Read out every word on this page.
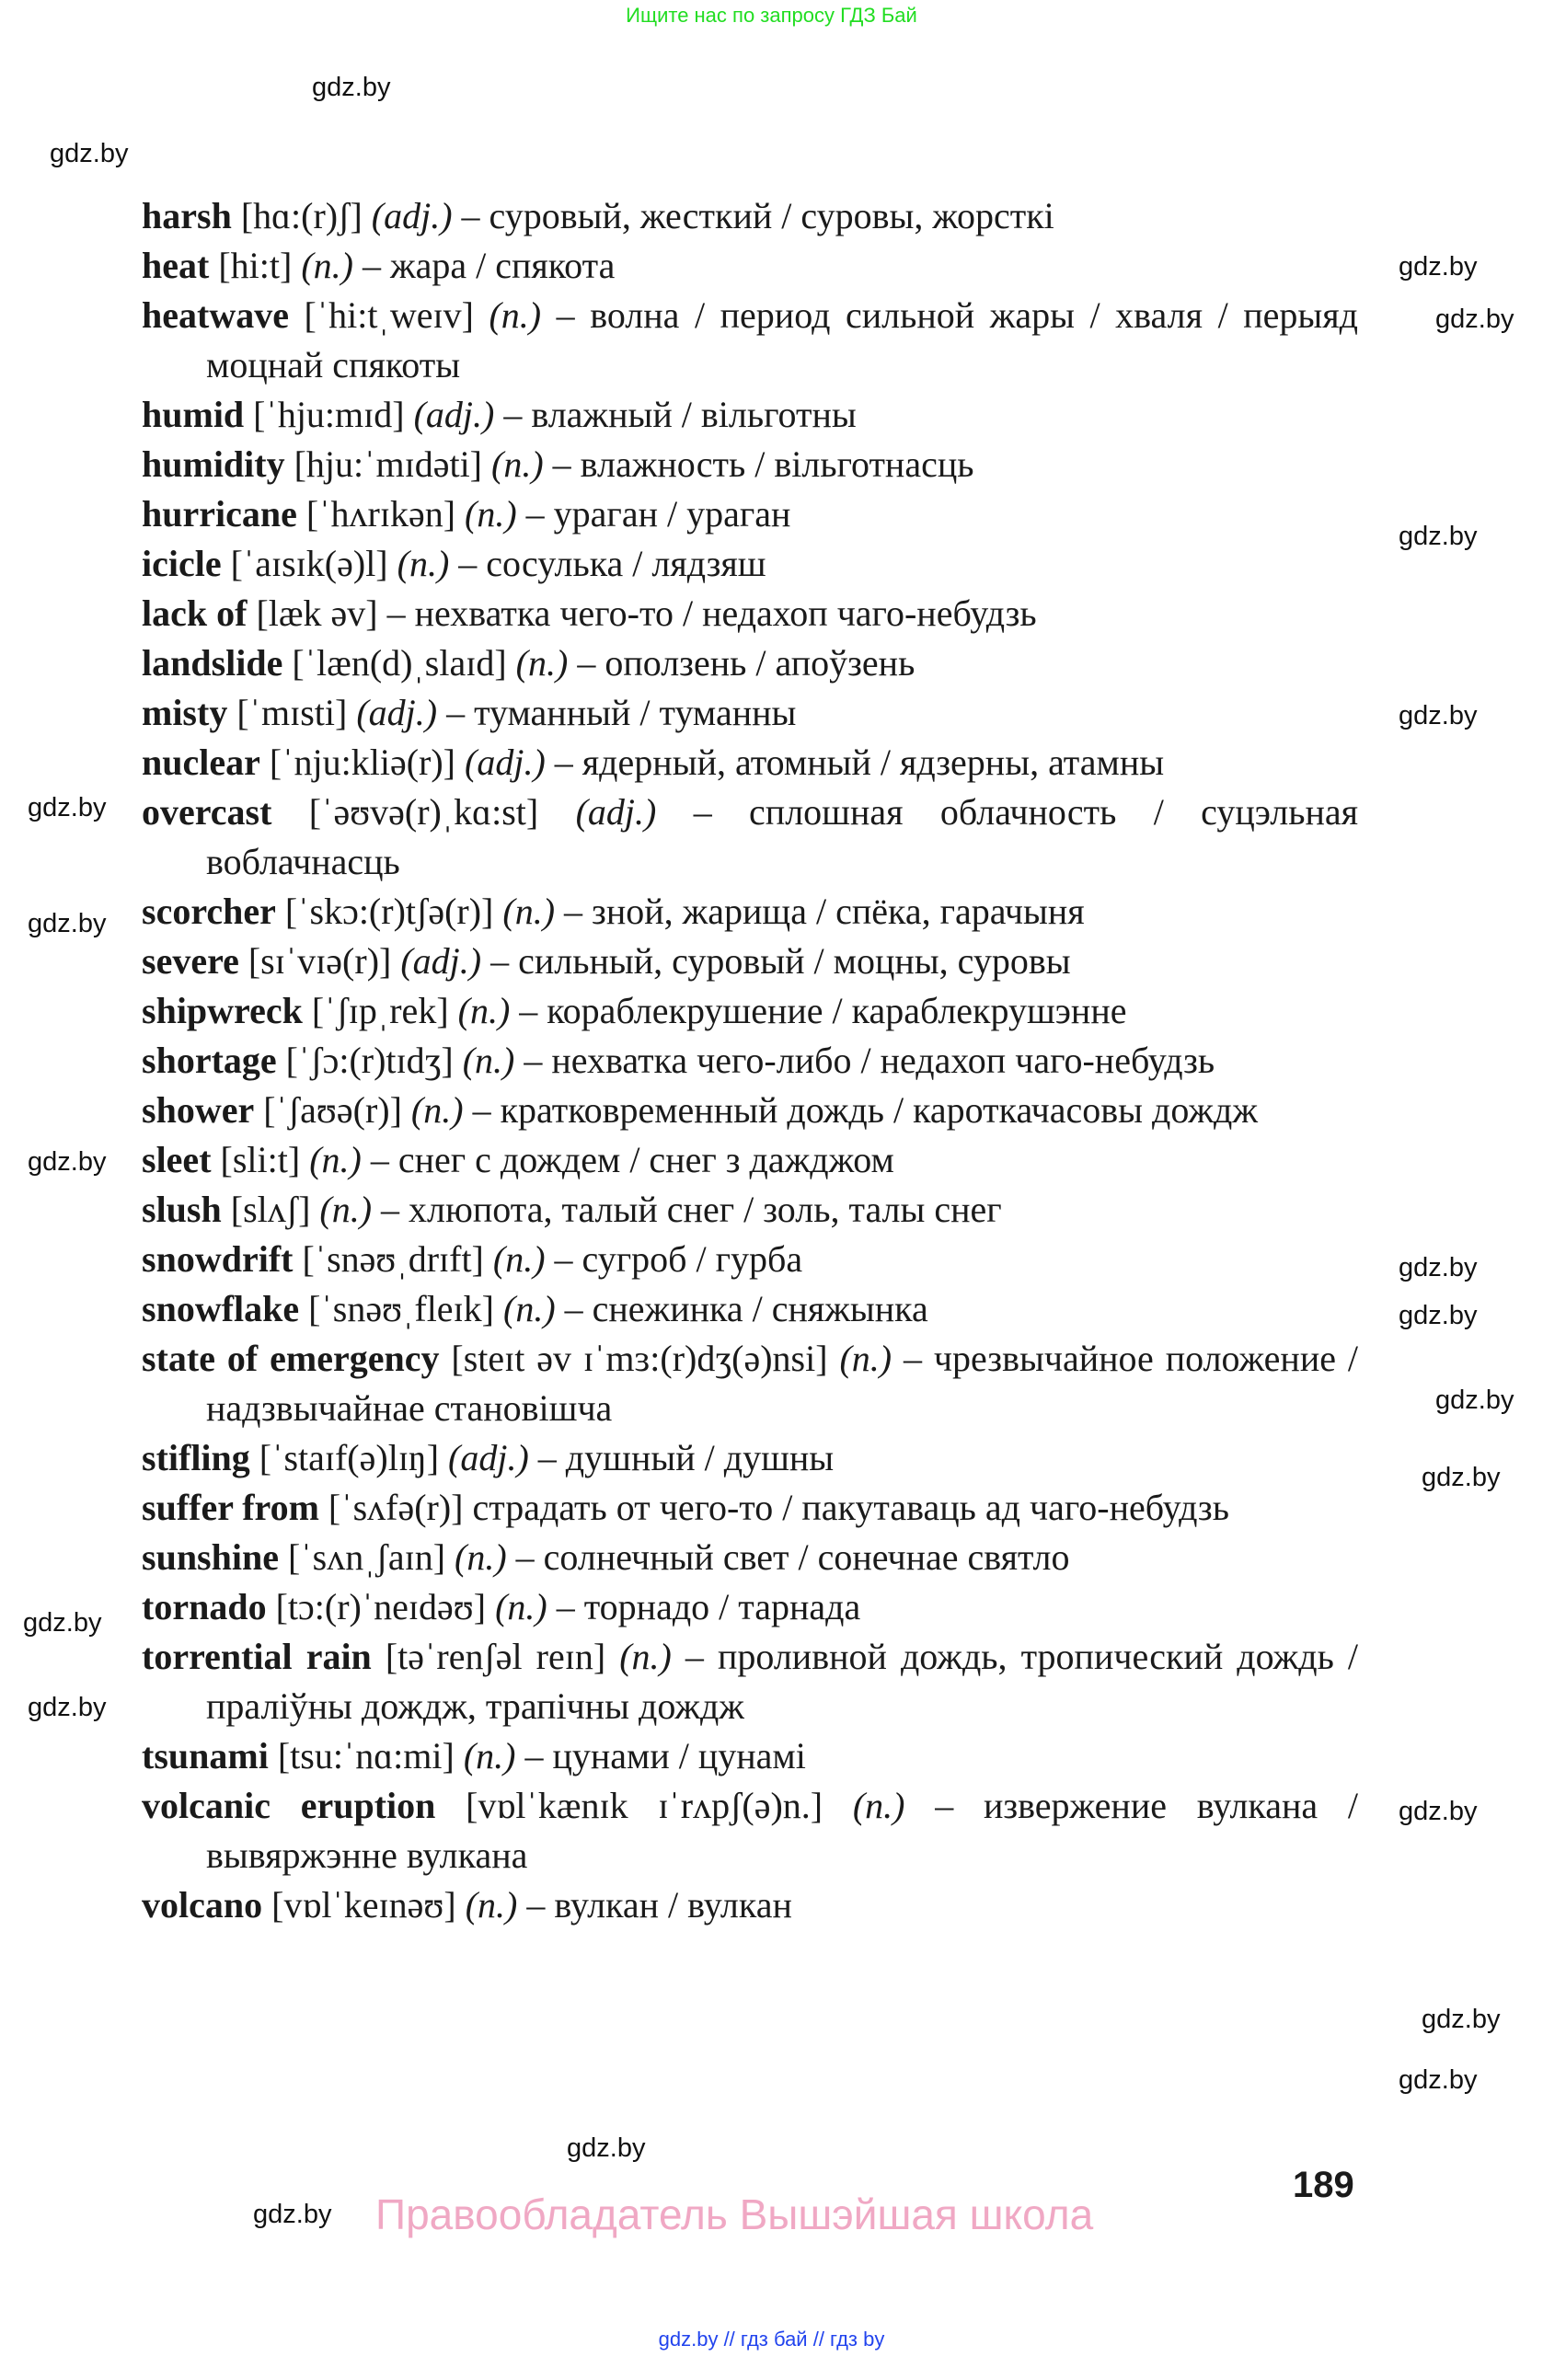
Ищите нас по запросу ГДЗ Бай
harsh [hɑ:(r)ʃ] (adj.) – суровый, жесткий / суровы, жорсткі
heat [hi:t] (n.) – жара / спякота
heatwave [ˈhi:tˌweɪv] (n.) – волна / период сильной жары / хваля / перыяд моцнай спякоты
humid [ˈhju:mɪd] (adj.) – влажный / вільготны
humidity [hju:ˈmɪdəti] (n.) – влажность / вільготнасць
hurricane [ˈhʌrɪkən] (n.) – ураган / ураган
icicle [ˈaɪsɪk(ə)l] (n.) – сосулька / лядзяш
lack of [læk əv] – нехватка чего-то / недахоп чаго-небудзь
landslide [ˈlæn(d)ˌslaɪd] (n.) – оползень / апоўзень
misty [ˈmɪsti] (adj.) – туманный / туманны
nuclear [ˈnju:kliə(r)] (adj.) – ядерный, атомный / ядзерны, атамны
overcast [ˈəʊvə(r)ˌkɑ:st] (adj.) – сплошная облачность / суцэльная воблачнасць
scorcher [ˈskɔ:(r)tʃə(r)] (n.) – зной, жарища / спёка, гарачыня
severe [sɪˈvɪə(r)] (adj.) – сильный, суровый / моцны, суровы
shipwreck [ˈʃɪpˌrek] (n.) – кораблекрушение / караблекрушэнне
shortage [ˈʃɔ:(r)tɪdʒ] (n.) – нехватка чего-либо / недахоп чаго-небудзь
shower [ˈʃaʊə(r)] (n.) – кратковременный дождь / кароткачасовы дождж
sleet [sli:t] (n.) – снег с дождем / снег з дажджом
slush [slʌʃ] (n.) – хлюпота, талый снег / золь, талы снег
snowdrift [ˈsnəʊˌdrɪft] (n.) – сугроб / гурба
snowflake [ˈsnəʊˌfleɪk] (n.) – снежинка / сняжынка
state of emergency [steɪt əv ɪˈmɜ:(r)dʒ(ə)nsi] (n.) – чрезвычайное положение / надзвычайнае становішча
stifling [ˈstaɪf(ə)lɪŋ] (adj.) – душный / душны
suffer from [ˈsʌfə(r)] страдать от чего-то / пакутаваць ад чаго-небудзь
sunshine [ˈsʌnˌʃaɪn] (n.) – солнечный свет / сонечнае святло
tornado [tɔ:(r)ˈneɪdəʊ] (n.) – торнадо / тарнада
torrential rain [təˈrenʃəl reɪn] (n.) – проливной дождь, тропический дождь / праліўны дождж, трапічны дождж
tsunami [tsu:ˈnɑ:mi] (n.) – цунами / цунамі
volcanic eruption [vɒlˈkænɪk ɪˈrʌpʃ(ə)n.] (n.) – извержение вулкана / вывяржэнне вулкана
volcano [vɒlˈkeɪnəʊ] (n.) – вулкан / вулкан
gdz.by
gdz.by
gdz.by
gdz.by
gdz.by
gdz.by
gdz.by
gdz.by
gdz.by
gdz.by
gdz.by
gdz.by
gdz.by
gdz.by
gdz.by
gdz.by
gdz.by
gdz.by
gdz.by
gdz.by
189
Правообладатель Вышэйшая школа
gdz.by // гдз бай // гдз by
